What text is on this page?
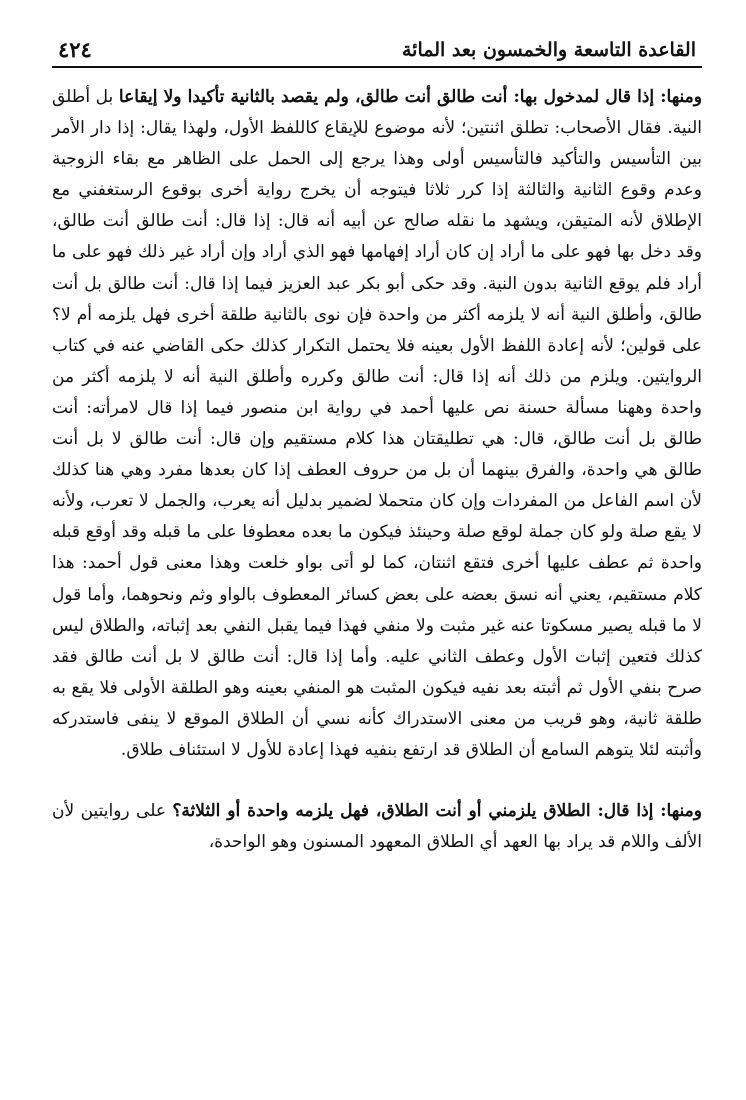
القاعدة التاسعة والخمسون بعد المائة
٤٢٤

ومنها: إذا قال لمدخول بها: أنت طالق أنت طالق، ولم يقصد بالثانية تأكيدا ولا إيقاعا بل أطلق النية. فقال الأصحاب: تطلق اثنتين؛ لأنه موضوع للإيقاع كاللفظ الأول، ولهذا يقال: إذا دار الأمر بين التأسيس والتأكيد فالتأسيس أولى وهذا يرجع إلى الحمل على الظاهر مع بقاء الزوجية وعدم وقوع الثانية والثالثة إذا كرر ثلاثا فيتوجه أن يخرج رواية أخرى بوقوع الرستغفني مع الإطلاق لأنه المتيقن، ويشهد ما نقله صالح عن أبيه أنه قال: إذا قال: أنت طالق أنت طالق، وقد دخل بها فهو على ما أراد إن كان أراد إفهامها فهو الذي أراد وإن أراد غير ذلك فهو على ما أراد فلم يوقع الثانية بدون النية. وقد حكى أبو بكر عبد العزيز فيما إذا قال: أنت طالق بل أنت طالق، وأطلق النية أنه لا يلزمه أكثر من واحدة فإن نوى بالثانية طلقة أخرى فهل يلزمه أم لا؟ على قولين؛ لأنه إعادة اللفظ الأول بعينه فلا يحتمل التكرار كذلك حكى القاضي عنه في كتاب الروايتين. ويلزم من ذلك أنه إذا قال: أنت طالق وكرره وأطلق النية أنه لا يلزمه أكثر من واحدة وههنا مسألة حسنة نص عليها أحمد في رواية ابن منصور فيما إذا قال لامرأته: أنت طالق بل أنت طالق، قال: هي تطليقتان هذا كلام مستقيم وإن قال: أنت طالق لا بل أنت طالق هي واحدة، والفرق بينهما أن بل من حروف العطف إذا كان بعدها مفرد وهي هنا كذلك لأن اسم الفاعل من المفردات وإن كان متحملا لضمير بدليل أنه يعرب، والجمل لا تعرب، ولأنه لا يقع صلة ولو كان جملة لوقع صلة وحينئذ فيكون ما بعده معطوفا على ما قبله وقد أوقع قبله واحدة ثم عطف عليها أخرى فتقع اثنتان، كما لو أتى بواو خلعت وهذا معنى قول أحمد: هذا كلام مستقيم، يعني أنه نسق بعضه على بعض كسائر المعطوف بالواو وثم ونحوهما، وأما قول لا ما قبله يصير مسكوتا عنه غير مثبت ولا منفي فهذا فيما يقبل النفي بعد إثباته، والطلاق ليس كذلك فتعين إثبات الأول وعطف الثاني عليه. وأما إذا قال: أنت طالق لا بل أنت طالق فقد صرح بنفي الأول ثم أثبته بعد نفيه فيكون المثبت هو المنفي بعينه وهو الطلقة الأولى فلا يقع به طلقة ثانية، وهو قريب من معنى الاستدراك كأنه نسي أن الطلاق الموقع لا ينفى فاستدركه وأثبته لئلا يتوهم السامع أن الطلاق قد ارتفع بنفيه فهذا إعادة للأول لا استئناف طلاق.

ومنها: إذا قال: الطلاق يلزمني أو أنت الطلاق، فهل يلزمه واحدة أو الثلاثة؟ على روايتين لأن الألف واللام قد يراد بها العهد أي الطلاق المعهود المسنون وهو الواحدة،
